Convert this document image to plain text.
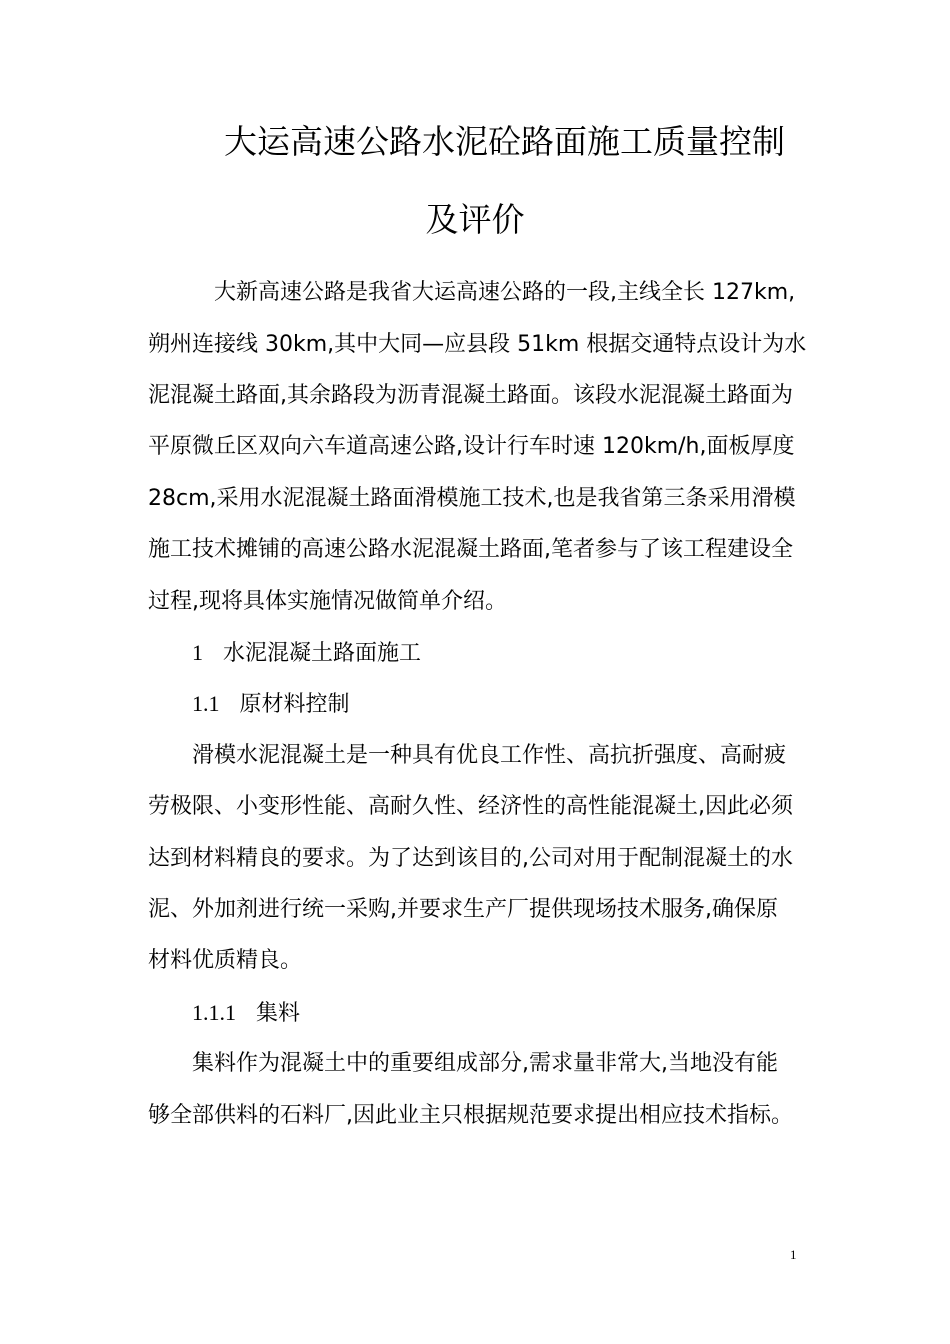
大运高速公路水泥砼路面施工质量控制
及评价
大新高速公路是我省大运高速公路的一段,主线全长 127km,
朔州连接线 30km,其中大同—应县段 51km 根据交通特点设计为水
泥混凝土路面,其余路段为沥青混凝土路面。该段水泥混凝土路面为
平原微丘区双向六车道高速公路,设计行车时速 120km/h,面板厚度
28cm,采用水泥混凝土路面滑模施工技术,也是我省第三条采用滑模
施工技术摊铺的高速公路水泥混凝土路面,笔者参与了该工程建设全
过程,现将具体实施情况做简单介绍。
1 水泥混凝土路面施工
1.1 原材料控制
滑模水泥混凝土是一种具有优良工作性、高抗折强度、高耐疲
劳极限、小变形性能、高耐久性、经济性的高性能混凝土,因此必须
达到材料精良的要求。为了达到该目的,公司对用于配制混凝土的水
泥、外加剂进行统一采购,并要求生产厂提供现场技术服务,确保原
材料优质精良。
1.1.1 集料
集料作为混凝土中的重要组成部分,需求量非常大,当地没有能
够全部供料的石料厂,因此业主只根据规范要求提出相应技术指标。
1
